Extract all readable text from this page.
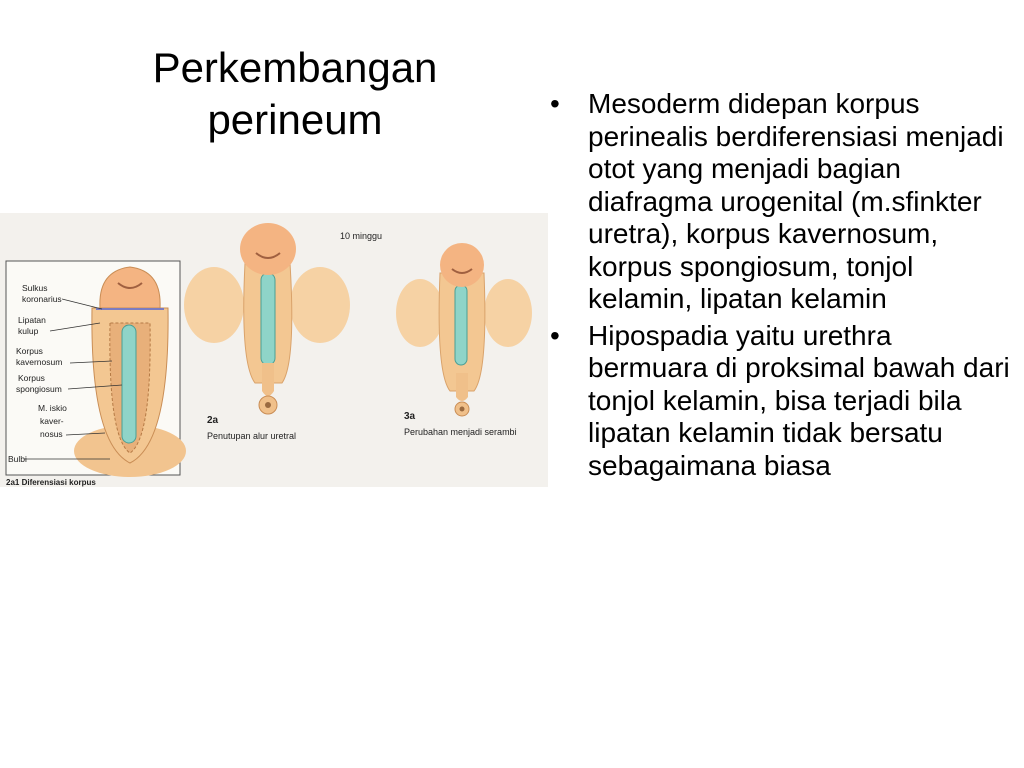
Perkembangan
perineum
Sulkus
koronarius
Lipatan
kulup
Korpus
kavernosum
Korpus
spongiosum
M. iskio
kaver-
nosus
Bulbi
2a1 Diferensiasi korpus
10 minggu
2a
Penutupan alur uretral
3a
Perubahan menjadi serambi
• Mesoderm didepan korpus perinealis berdiferensiasi menjadi otot yang menjadi bagian diafragma urogenital (m.sfinkter uretra), korpus kavernosum, korpus spongiosum, tonjol kelamin, lipatan kelamin
• Hipospadia yaitu urethra bermuara di proksimal bawah dari tonjol kelamin, bisa terjadi bila lipatan kelamin tidak bersatu sebagaimana biasa
